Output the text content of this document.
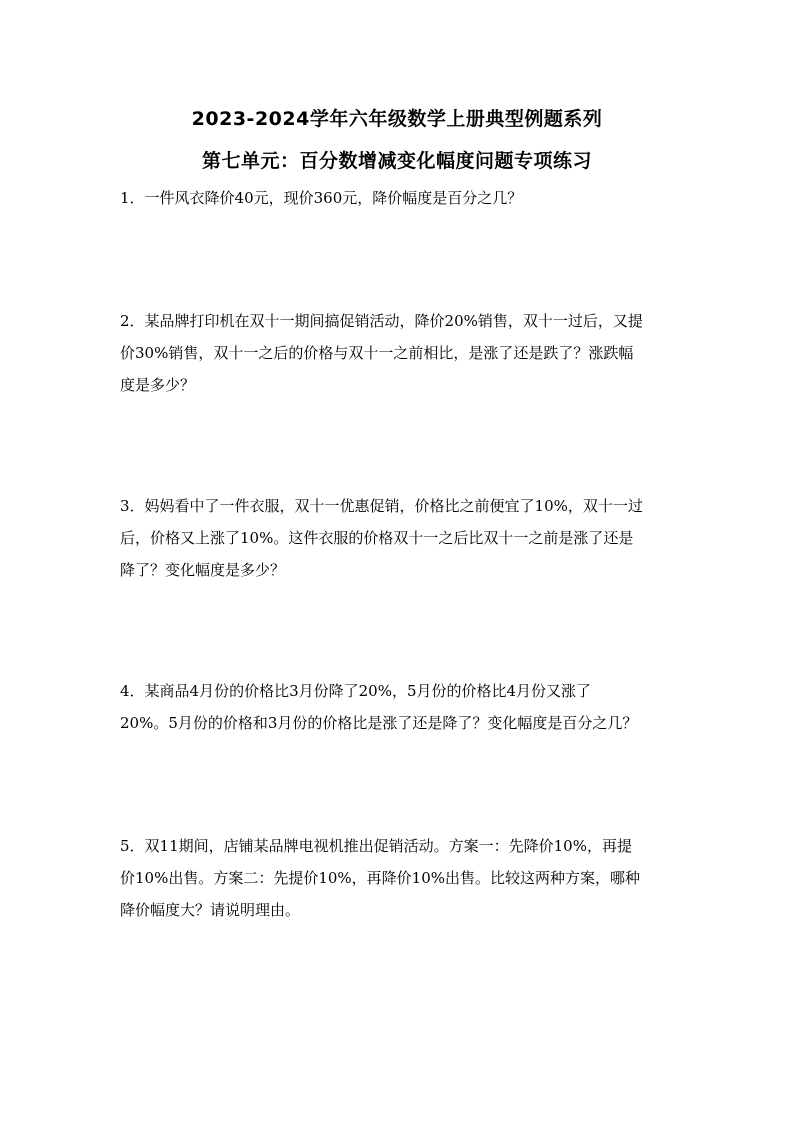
2023-2024学年六年级数学上册典型例题系列
第七单元：百分数增减变化幅度问题专项练习
1．一件风衣降价40元，现价360元，降价幅度是百分之几？
2．某品牌打印机在双十一期间搞促销活动，降价20%销售，双十一过后，又提
价30%销售，双十一之后的价格与双十一之前相比，是涨了还是跌了？涨跌幅
度是多少？
3．妈妈看中了一件衣服，双十一优惠促销，价格比之前便宜了10%，双十一过
后，价格又上涨了10%。这件衣服的价格双十一之后比双十一之前是涨了还是
降了？变化幅度是多少？
4．某商品4月份的价格比3月份降了20%，5月份的价格比4月份又涨了
20%。5月份的价格和3月份的价格比是涨了还是降了？变化幅度是百分之几？
5．双11期间，店铺某品牌电视机推出促销活动。方案一：先降价10%，再提
价10%出售。方案二：先提价10%，再降价10%出售。比较这两种方案，哪种
降价幅度大？请说明理由。
